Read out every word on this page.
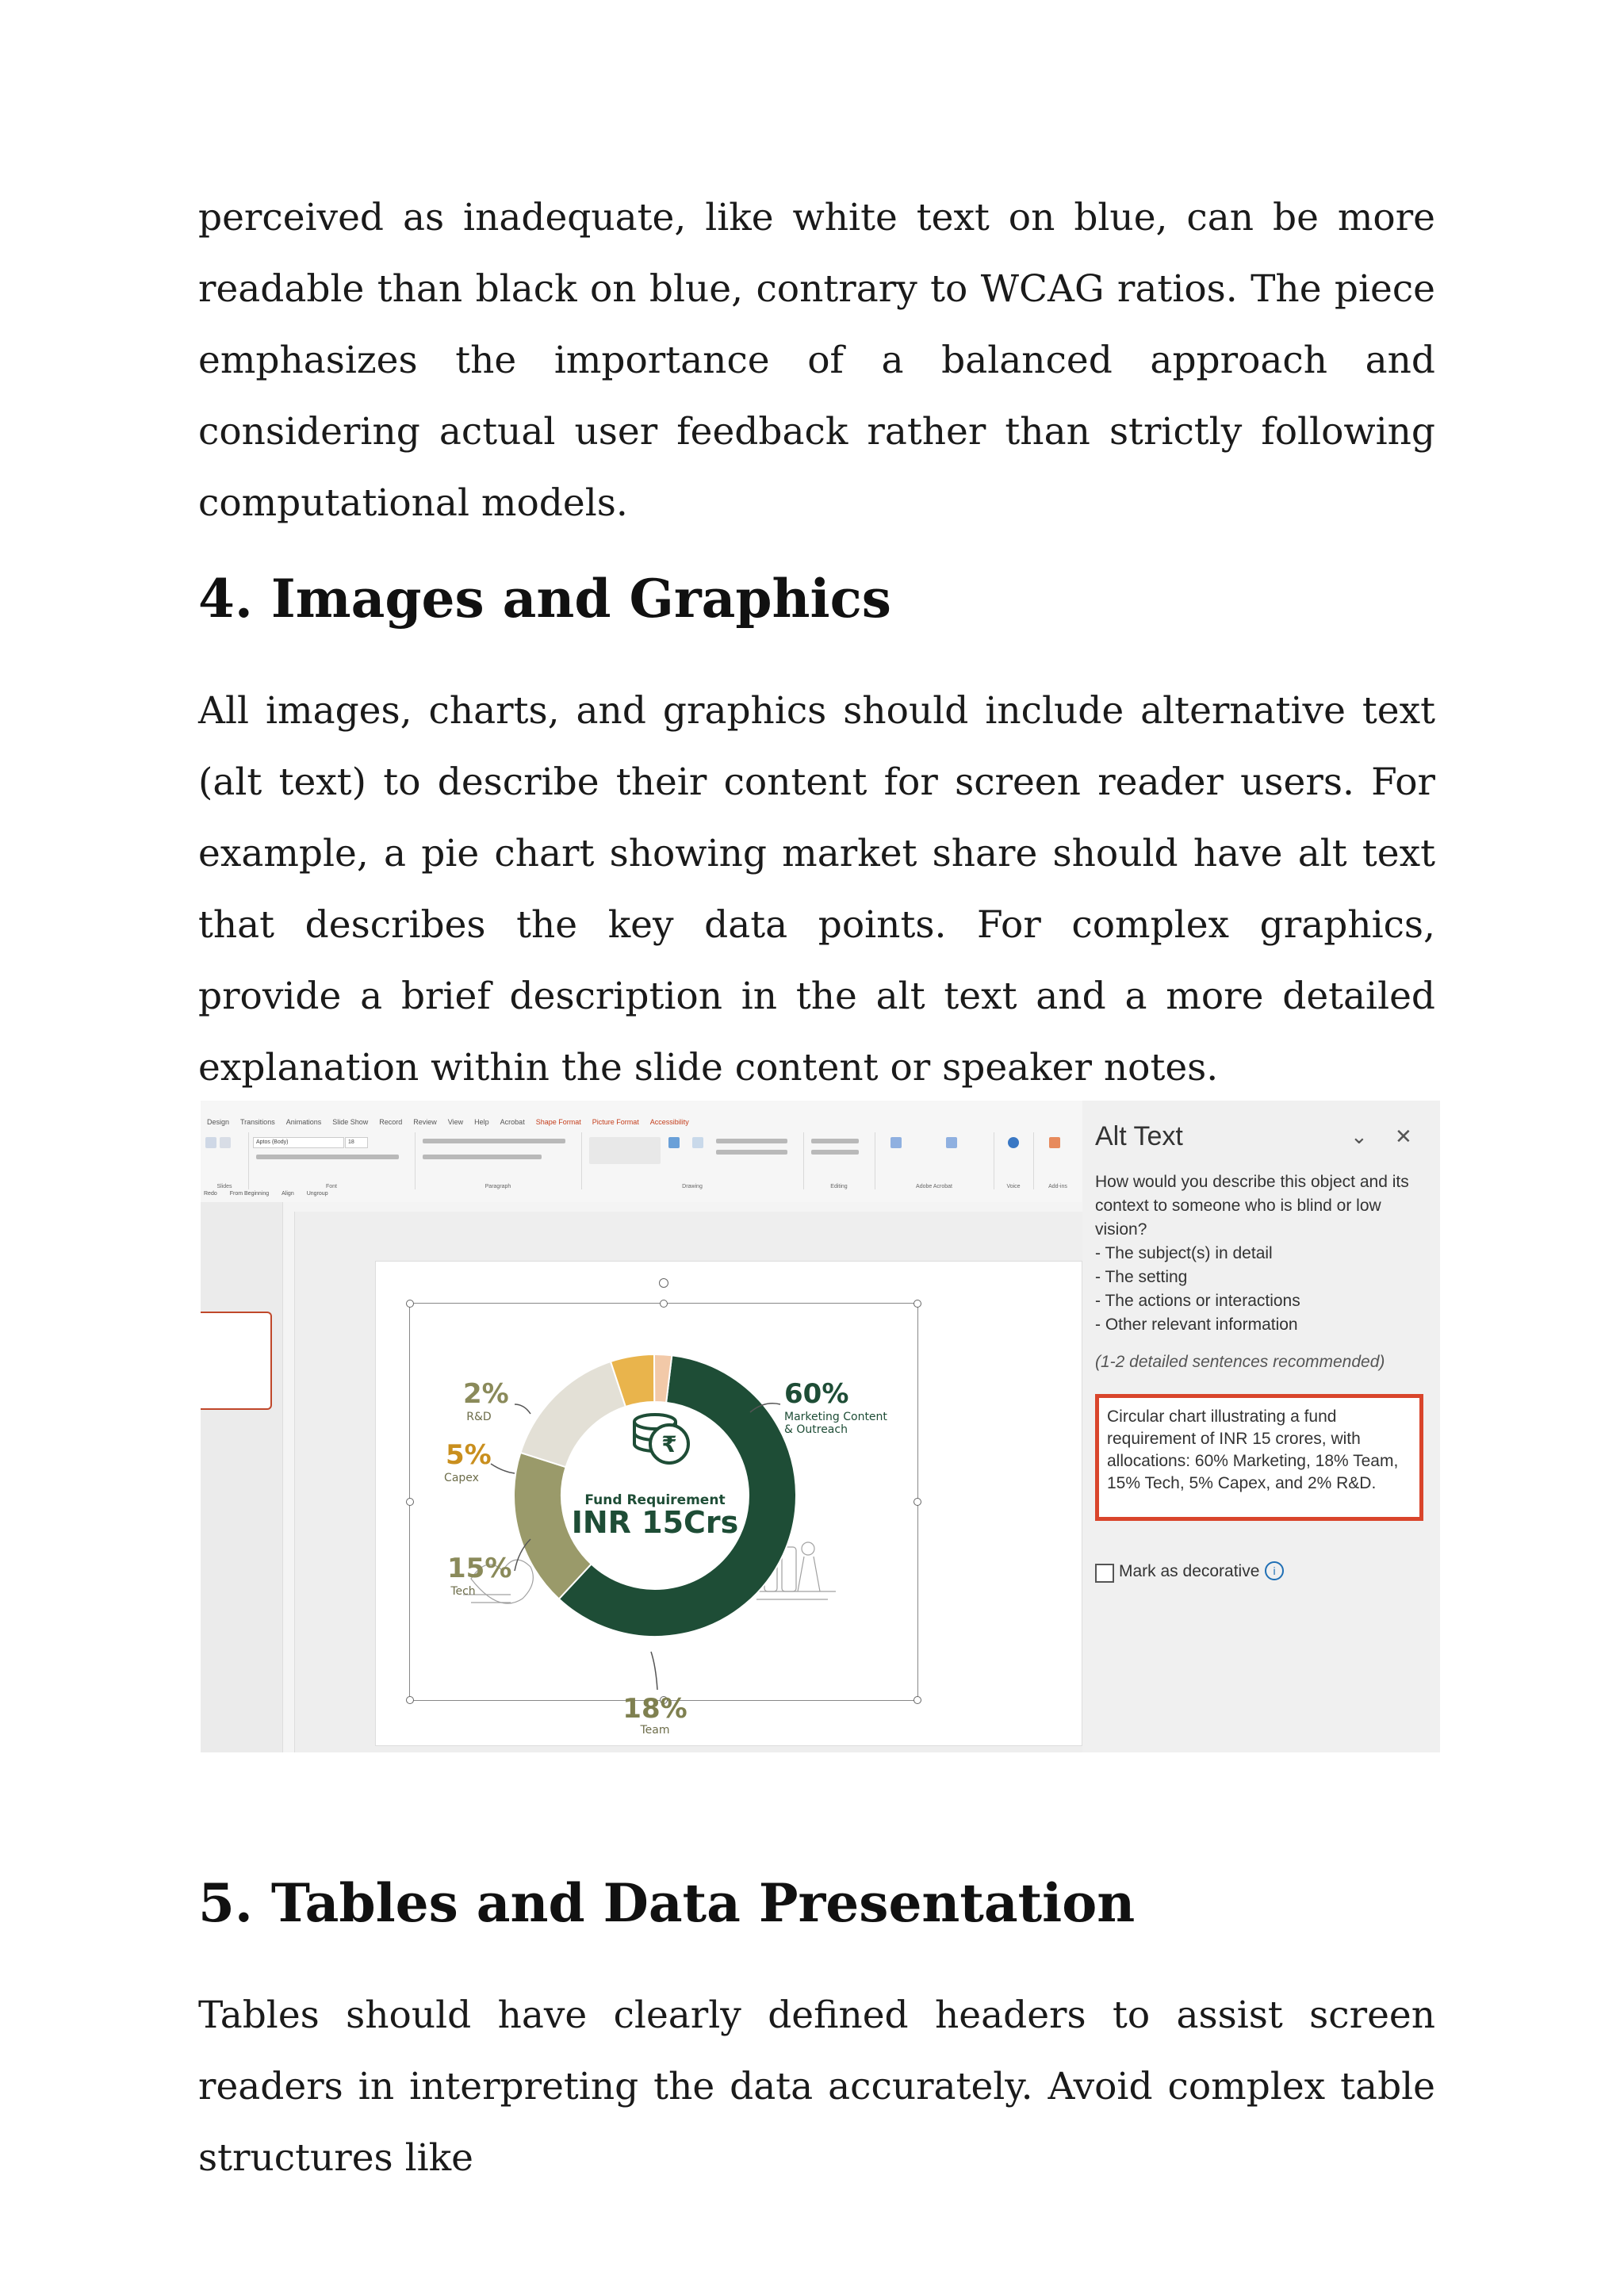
perceived as inadequate, like white text on blue, can be more readable than black on blue, contrary to WCAG ratios. The piece emphasizes the importance of a balanced approach and considering actual user feedback rather than strictly following computational models.

4. Images and Graphics

All images, charts, and graphics should include alternative text (alt text) to describe their content for screen reader users. For example, a pie chart showing market share should have alt text that describes the key data points. For complex graphics, provide a brief description in the alt text and a more detailed explanation within the slide content or speaker notes.

Design Transitions Animations Slide Show Record Review View Help Acrobat Shape Format Picture Format Accessibility
Slides
Aptos (Body)	18
Font	Paragraph	Drawing	Editing	Adobe Acrobat	Voice	Add-ins
Redo From Beginning Align Ungroup
₹
Fund Requirement
INR 15Crs
60%
Marketing Content
& Outreach
18%
Team
15%
Tech
5%
Capex
2%
R&D
Alt Text	⌄ ✕
How would you describe this object and its context to someone who is blind or low vision?
- The subject(s) in detail
- The setting
- The actions or interactions
- Other relevant information
(1-2 detailed sentences recommended)
Circular chart illustrating a fund requirement of INR 15 crores, with allocations: 60% Marketing, 18% Team, 15% Tech, 5% Capex, and 2% R&D.
Mark as decorative	i
5. Tables and Data Presentation

Tables should have clearly defined headers to assist screen readers in interpreting the data accurately. Avoid complex table structures like
